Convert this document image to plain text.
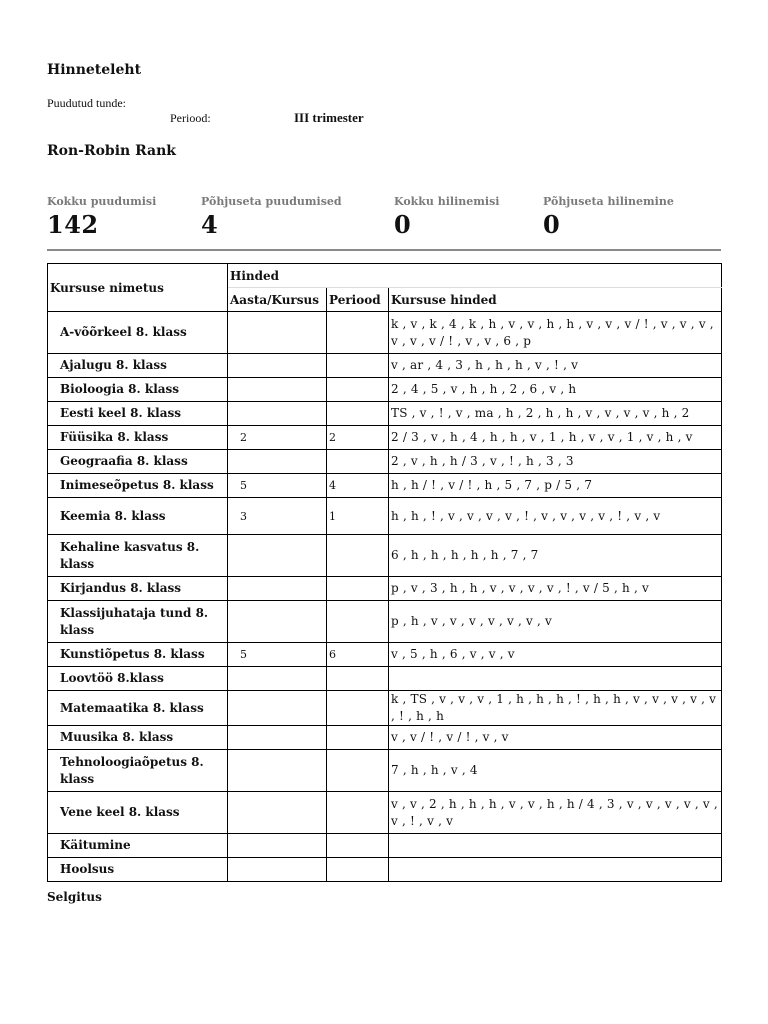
Hinneteleht
Puudutud tunde:
Periood:	III trimester
Ron-Robin Rank
Kokku puudumisi
142
Põhjuseta puudumised
4
Kokku hilinemisi
0
Põhjuseta hilinemine
0
Kursuse nimetus	Hinded		
	Aasta/Kursus	Periood	Kursuse hinded
A-võõrkeel 8. klass			k , v , k , 4 , k , h , v , v , h , h , v , v , v / ! , v , v , v , v , v , v / ! , v , v , 6 , p
Ajalugu 8. klass			v , ar , 4 , 3 , h , h , h , v , ! , v
Bioloogia 8. klass			2 , 4 , 5 , v , h , h , 2 , 6 , v , h
Eesti keel 8. klass			TS , v , ! , v , ma , h , 2 , h , h , v , v , v , v , h , 2
Füüsika 8. klass	2	2	2 / 3 , v , h , 4 , h , h , v , 1 , h , v , v , 1 , v , h , v
Geograafia 8. klass			2 , v , h , h / 3 , v , ! , h , 3 , 3
Inimeseõpetus 8. klass	5	4	h , h / ! , v / ! , h , 5 , 7 , p / 5 , 7
Keemia 8. klass	3	1	h , h , ! , v , v , v , v , ! , v , v , v , v , ! , v , v
Kehaline kasvatus 8. klass			6 , h , h , h , h , h , 7 , 7
Kirjandus 8. klass			p , v , 3 , h , h , v , v , v , v , ! , v / 5 , h , v
Klassijuhataja tund 8. klass			p , h , v , v , v , v , v , v , v
Kunstiõpetus 8. klass	5	6	v , 5 , h , 6 , v , v , v
Loovtöö 8.klass			
Matemaatika 8. klass			k , TS , v , v , v , 1 , h , h , h , ! , h , h , v , v , v , v , v , ! , h , h
Muusika 8. klass			v , v / ! , v / ! , v , v
Tehnoloogiaõpetus 8. klass			7 , h , h , v , 4
Vene keel 8. klass			v , v , 2 , h , h , h , v , v , h , h / 4 , 3 , v , v , v , v , v , v , ! , v , v
Käitumine			
Hoolsus			
Selgitus
